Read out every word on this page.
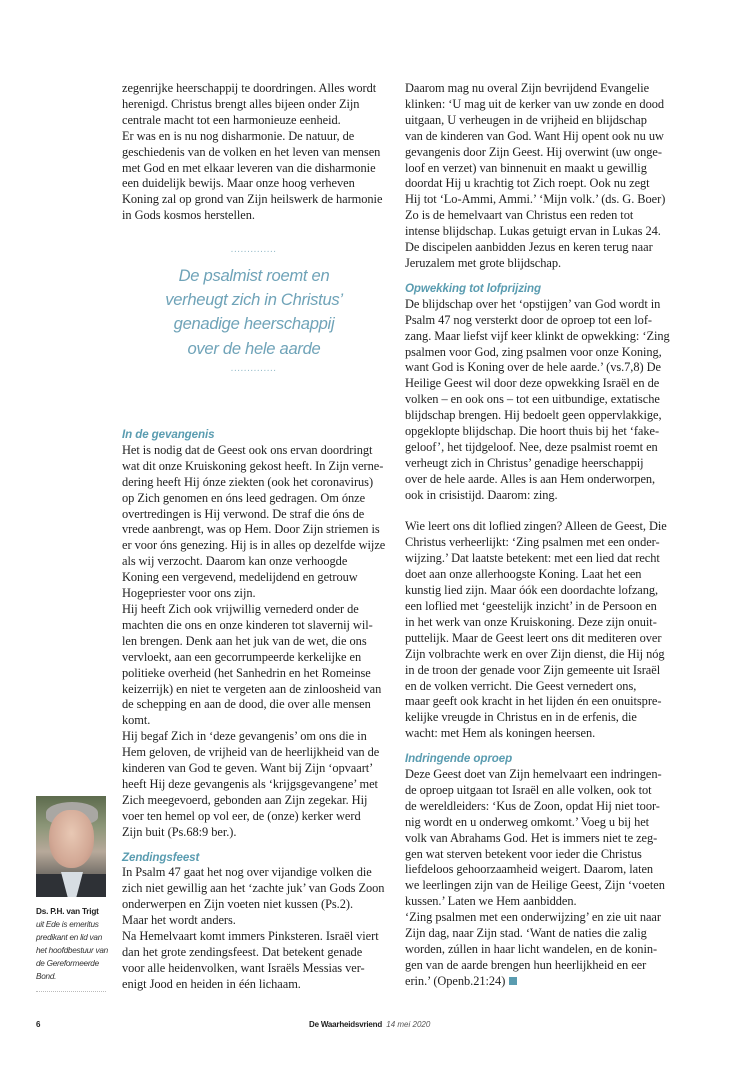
zegenrijke heerschappij te doordringen. Alles wordt
herenigd. Christus brengt alles bijeen onder Zijn
centrale macht tot een harmonieuze eenheid.
Er was en is nu nog disharmonie. De natuur, de
geschiedenis van de volken en het leven van mensen
met God en met elkaar leveren van die disharmonie
een duidelijk bewijs. Maar onze hoog verheven
Koning zal op grond van Zijn heilswerk de harmonie
in Gods kosmos herstellen.
..............
De psalmist roemt en
verheugt zich in Christus’
genadige heerschappij
over de hele aarde
..............
In de gevangenis
Het is nodig dat de Geest ook ons ervan doordringt
wat dit onze Kruiskoning gekost heeft. In Zijn verne-
dering heeft Hij ónze ziekten (ook het coronavirus)
op Zich genomen en óns leed gedragen. Om ónze
overtredingen is Hij verwond. De straf die óns de
vrede aanbrengt, was op Hem. Door Zijn striemen is
er voor óns genezing. Hij is in alles op dezelfde wijze
als wij verzocht. Daarom kan onze verhoogde
Koning een vergevend, medelijdend en getrouw
Hogepriester voor ons zijn.
Hij heeft Zich ook vrijwillig vernederd onder de
machten die ons en onze kinderen tot slavernij wil-
len brengen. Denk aan het juk van de wet, die ons
vervloekt, aan een gecorrumpeerde kerkelijke en
politieke overheid (het Sanhedrin en het Romeinse
keizerrijk) en niet te vergeten aan de zinloosheid van
de schepping en aan de dood, die over alle mensen
komt.
Hij begaf Zich in ‘deze gevangenis’ om ons die in
Hem geloven, de vrijheid van de heerlijkheid van de
kinderen van God te geven. Want bij Zijn ‘opvaart’
heeft Hij deze gevangenis als ‘krijgsgevangene’ met
Zich meegevoerd, gebonden aan Zijn zegekar. Hij
voer ten hemel op vol eer, de (onze) kerker werd
Zijn buit (Ps.68:9 ber.).
Zendingsfeest
In Psalm 47 gaat het nog over vijandige volken die
zich niet gewillig aan het ‘zachte juk’ van Gods Zoon
onderwerpen en Zijn voeten niet kussen (Ps.2).
Maar het wordt anders.
Na Hemelvaart komt immers Pinksteren. Israël viert
dan het grote zendingsfeest. Dat betekent genade
voor alle heidenvolken, want Israëls Messias ver-
enigt Jood en heiden in één lichaam.
Ds. P.H. van Trigt
uit Ede is emeritus
predikant en lid van
het hoofdbestuur van
de Gereformeerde
Bond.
Daarom mag nu overal Zijn bevrijdend Evangelie
klinken: ‘U mag uit de kerker van uw zonde en dood
uitgaan, U verheugen in de vrijheid en blijdschap
van de kinderen van God. Want Hij opent ook nu uw
gevangenis door Zijn Geest. Hij overwint (uw onge-
loof en verzet) van binnenuit en maakt u gewillig
doordat Hij u krachtig tot Zich roept. Ook nu zegt
Hij tot ‘Lo-Ammi, Ammi.’ ‘Mijn volk.’ (ds. G. Boer)
Zo is de hemelvaart van Christus een reden tot
intense blijdschap. Lukas getuigt ervan in Lukas 24.
De discipelen aanbidden Jezus en keren terug naar
Jeruzalem met grote blijdschap.
Opwekking tot lofprijzing
De blijdschap over het ‘opstijgen’ van God wordt in
Psalm 47 nog versterkt door de oproep tot een lof-
zang. Maar liefst vijf keer klinkt de opwekking: ‘Zing
psalmen voor God, zing psalmen voor onze Koning,
want God is Koning over de hele aarde.’ (vs.7,8) De
Heilige Geest wil door deze opwekking Israël en de
volken – en ook ons – tot een uitbundige, extatische
blijdschap brengen. Hij bedoelt geen oppervlakkige,
opgeklopte blijdschap. Die hoort thuis bij het ‘fake-
geloof’, het tijdgeloof. Nee, deze psalmist roemt en
verheugt zich in Christus’ genadige heerschappij
over de hele aarde. Alles is aan Hem onderworpen,
ook in crisistijd. Daarom: zing.
Wie leert ons dit loflied zingen? Alleen de Geest, Die
Christus verheerlijkt: ‘Zing psalmen met een onder-
wijzing.’ Dat laatste betekent: met een lied dat recht
doet aan onze allerhoogste Koning. Laat het een
kunstig lied zijn. Maar óók een doordachte lofzang,
een loflied met ‘geestelijk inzicht’ in de Persoon en
in het werk van onze Kruiskoning. Deze zijn onuit-
puttelijk. Maar de Geest leert ons dit mediteren over
Zijn volbrachte werk en over Zijn dienst, die Hij nóg
in de troon der genade voor Zijn gemeente uit Israël
en de volken verricht. Die Geest vernedert ons,
maar geeft ook kracht in het lijden én een onuitspre-
kelijke vreugde in Christus en in de erfenis, die
wacht: met Hem als koningen heersen.
Indringende oproep
Deze Geest doet van Zijn hemelvaart een indringen-
de oproep uitgaan tot Israël en alle volken, ook tot
de wereldleiders: ‘Kus de Zoon, opdat Hij niet toor-
nig wordt en u onderweg omkomt.’ Voeg u bij het
volk van Abrahams God. Het is immers niet te zeg-
gen wat sterven betekent voor ieder die Christus
liefdeloos gehoorzaamheid weigert. Daarom, laten
we leerlingen zijn van de Heilige Geest, Zijn ‘voeten
kussen.’ Laten we Hem aanbidden.
‘Zing psalmen met een onderwijzing’ en zie uit naar
Zijn dag, naar Zijn stad. ‘Want de naties die zalig
worden, zúllen in haar licht wandelen, en de konin-
gen van de aarde brengen hun heerlijkheid en eer
erin.’ (Openb.21:24)
6	De Waarheidsvriend 14 mei 2020
